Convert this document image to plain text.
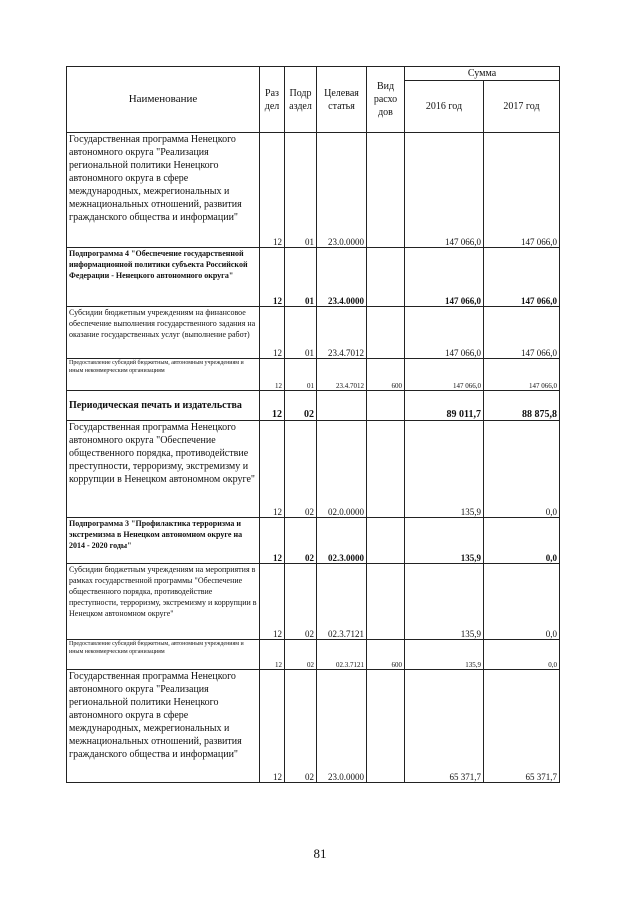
Наименование	Раз дел	Подр аздел	Целевая статья	Вид расхо дов	Сумма	
					2016 год	2017 год
Государственная программа Ненецкого автономного округа "Реализация региональной политики Ненецкого автономного округа в сфере международных, межрегиональных и межнациональных отношений, развития гражданского общества и информации"	12	01	23.0.0000		147 066,0	147 066,0
Подпрограмма 4 "Обеспечение государственной информационной политики субъекта Российской Федерации - Ненецкого автономного округа"	12	01	23.4.0000		147 066,0	147 066,0
Субсидии бюджетным учреждениям на финансовое обеспечение выполнения государственного задания на оказание государственных услуг (выполнение работ)	12	01	23.4.7012		147 066,0	147 066,0
Предоставление субсидий бюджетным, автономным учреждениям и иным некоммерческим организациям	12	01	23.4.7012	600	147 066,0	147 066,0
Периодическая печать и издательства	12	02			89 011,7	88 875,8
Государственная программа Ненецкого автономного округа "Обеспечение общественного порядка, противодействие преступности, терроризму, экстремизму и коррупции в Ненецком автономном округе"	12	02	02.0.0000		135,9	0,0
Подпрограмма 3 "Профилактика терроризма и экстремизма в Ненецком автономном округе на 2014 - 2020 годы"	12	02	02.3.0000		135,9	0,0
Субсидии бюджетным учреждениям на мероприятия в рамках государственной программы "Обеспечение общественного порядка, противодействие преступности, терроризму, экстремизму и коррупции в Ненецком автономном округе"	12	02	02.3.7121		135,9	0,0
Предоставление субсидий бюджетным, автономным учреждениям и иным некоммерческим организациям	12	02	02.3.7121	600	135,9	0,0
Государственная программа Ненецкого автономного округа "Реализация региональной политики Ненецкого автономного округа в сфере международных, межрегиональных и межнациональных отношений, развития гражданского общества и информации"	12	02	23.0.0000		65 371,7	65 371,7
81
